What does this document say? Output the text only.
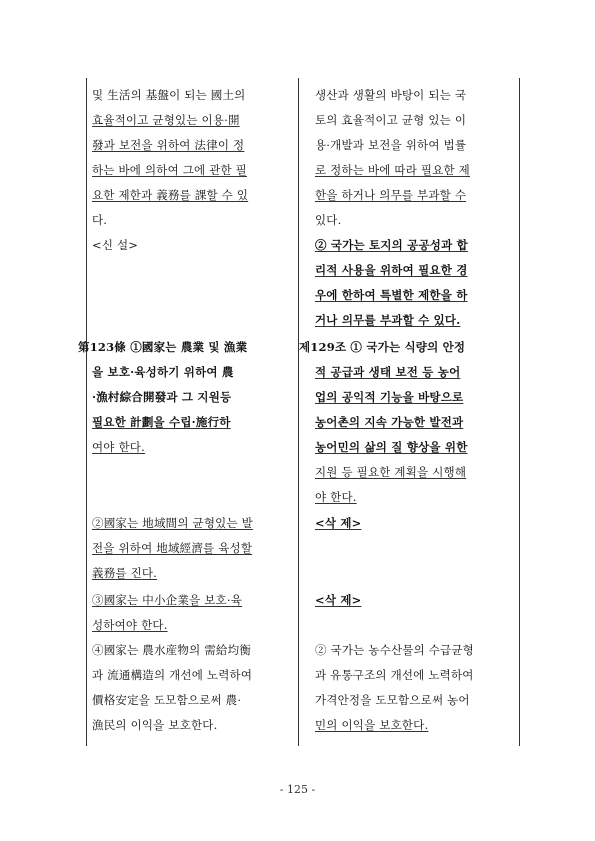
및 生活의 基盤이 되는 國土의
효율적이고 균형있는 이용·開
發과 보전을 위하여 法律이 정
하는 바에 의하여 그에 관한 필
요한 제한과 義務를 課할 수 있
다.
<신 설>
第123條 ①國家는 農業 및 漁業
을 보호·육성하기 위하여 農
·漁村綜合開發과 그 지원등
필요한 計劃을 수립·施行하
여야 한다.
②國家는 地域間의 균형있는 발
전을 위하여 地域經濟를 육성할
義務를 진다.
③國家는 中小企業을 보호·육
성하여야 한다.
④國家는 農水産物의 需給均衡
과 流通構造의 개선에 노력하여
價格安定을 도모함으로써 農·
漁民의 이익을 보호한다.
생산과 생활의 바탕이 되는 국
토의 효율적이고 균형 있는 이
용·개발과 보전을 위하여 법률
로 정하는 바에 따라 필요한 제
한을 하거나 의무를 부과할 수
있다.
② 국가는 토지의 공공성과 합
리적 사용을 위하여 필요한 경
우에 한하여 특별한 제한을 하
거나 의무를 부과할 수 있다.
제129조 ① 국가는 식량의 안정
적 공급과 생태 보전 등 농어
업의 공익적 기능을 바탕으로
농어촌의 지속 가능한 발전과
농어민의 삶의 질 향상을 위한
지원 등 필요한 계획을 시행해
야 한다.
<삭 제>
<삭 제>
② 국가는 농수산물의 수급균형
과 유통구조의 개선에 노력하여
가격안정을 도모함으로써 농어
민의 이익을 보호한다.
- 125 -
